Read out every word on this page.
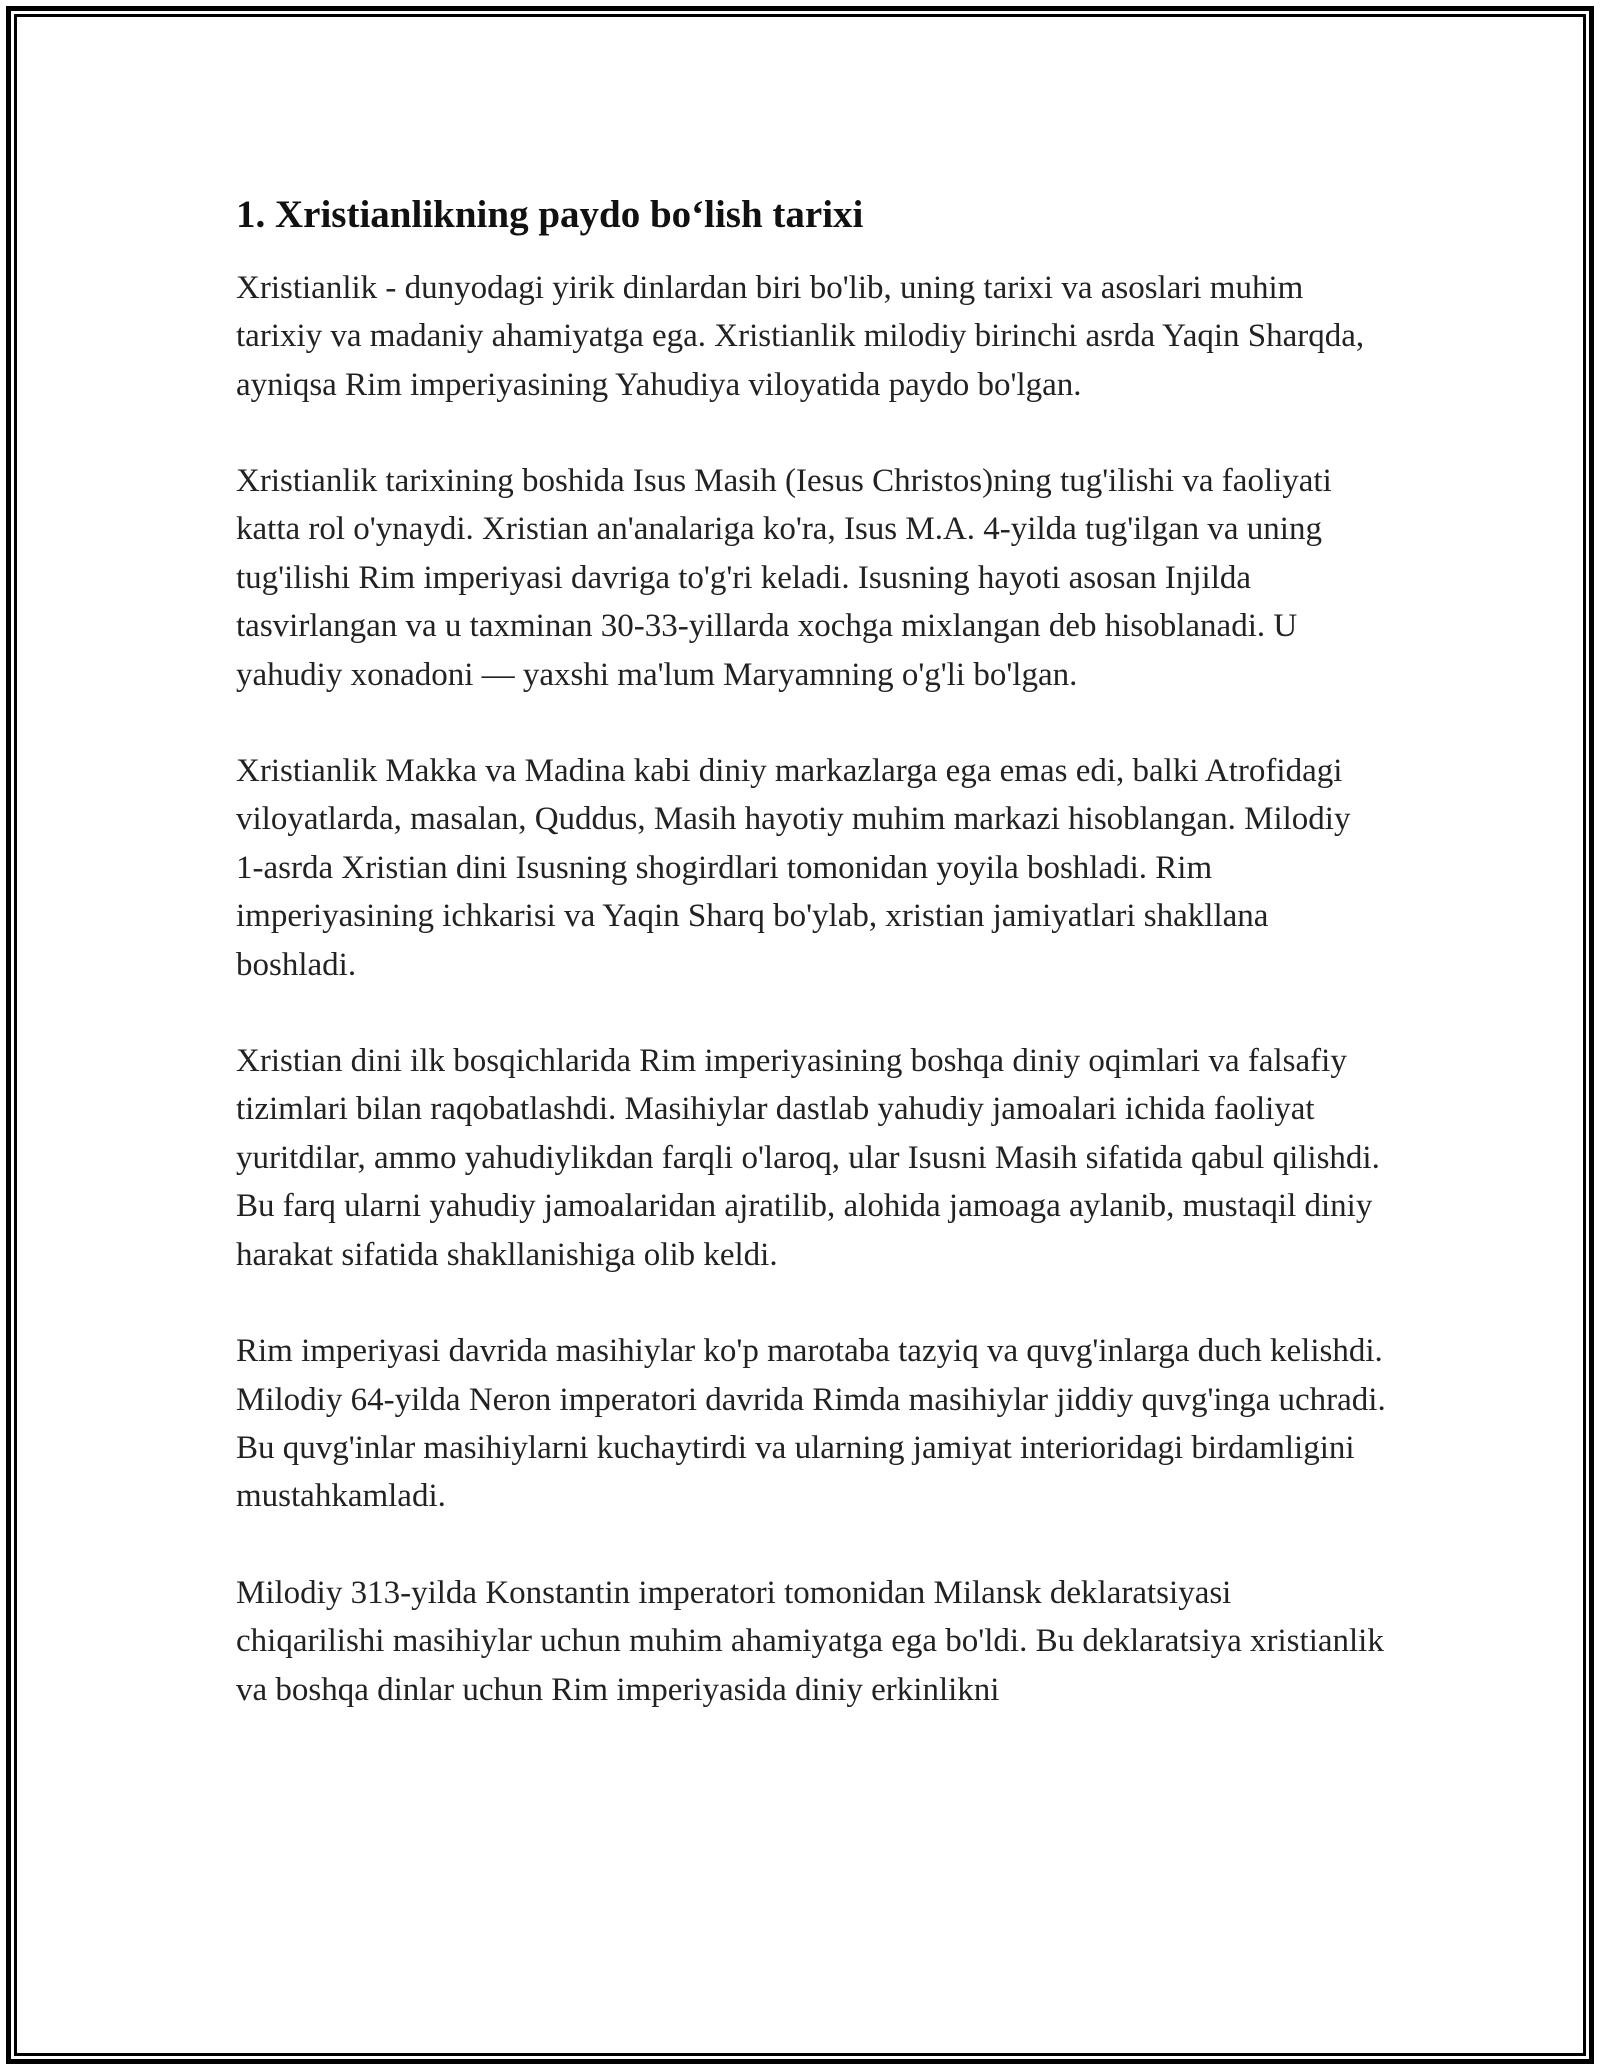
1. Xristianlikning paydo bo‘lish tarixi

Xristianlik - dunyodagi yirik dinlardan biri bo'lib, uning tarixi va asoslari muhim tarixiy va madaniy ahamiyatga ega. Xristianlik milodiy birinchi asrda Yaqin Sharqda, ayniqsa Rim imperiyasining Yahudiya viloyatida paydo bo'lgan.

Xristianlik tarixining boshida Isus Masih (Iesus Christos)ning tug'ilishi va faoliyati katta rol o'ynaydi. Xristian an'analariga ko'ra, Isus M.A. 4-yilda tug'ilgan va uning tug'ilishi Rim imperiyasi davriga to'g'ri keladi. Isusning hayoti asosan Injilda tasvirlangan va u taxminan 30-33-yillarda xochga mixlangan deb hisoblanadi. U yahudiy xonadoni — yaxshi ma'lum Maryamning o'g'li bo'lgan.

Xristianlik Makka va Madina kabi diniy markazlarga ega emas edi, balki Atrofidagi viloyatlarda, masalan, Quddus, Masih hayotiy muhim markazi hisoblangan. Milodiy 1-asrda Xristian dini Isusning shogirdlari tomonidan yoyila boshladi. Rim imperiyasining ichkarisi va Yaqin Sharq bo'ylab, xristian jamiyatlari shakllana boshladi.

Xristian dini ilk bosqichlarida Rim imperiyasining boshqa diniy oqimlari va falsafiy tizimlari bilan raqobatlashdi. Masihiylar dastlab yahudiy jamoalari ichida faoliyat yuritdilar, ammo yahudiylikdan farqli o'laroq, ular Isusni Masih sifatida qabul qilishdi. Bu farq ularni yahudiy jamoalaridan ajratilib, alohida jamoaga aylanib, mustaqil diniy harakat sifatida shakllanishiga olib keldi.

Rim imperiyasi davrida masihiylar ko'p marotaba tazyiq va quvg'inlarga duch kelishdi. Milodiy 64-yilda Neron imperatori davrida Rimda masihiylar jiddiy quvg'inga uchradi. Bu quvg'inlar masihiylarni kuchaytirdi va ularning jamiyat interioridagi birdamligini mustahkamladi.

Milodiy 313-yilda Konstantin imperatori tomonidan Milansk deklaratsiyasi chiqarilishi masihiylar uchun muhim ahamiyatga ega bo'ldi. Bu deklaratsiya xristianlik va boshqa dinlar uchun Rim imperiyasida diniy erkinlikni
